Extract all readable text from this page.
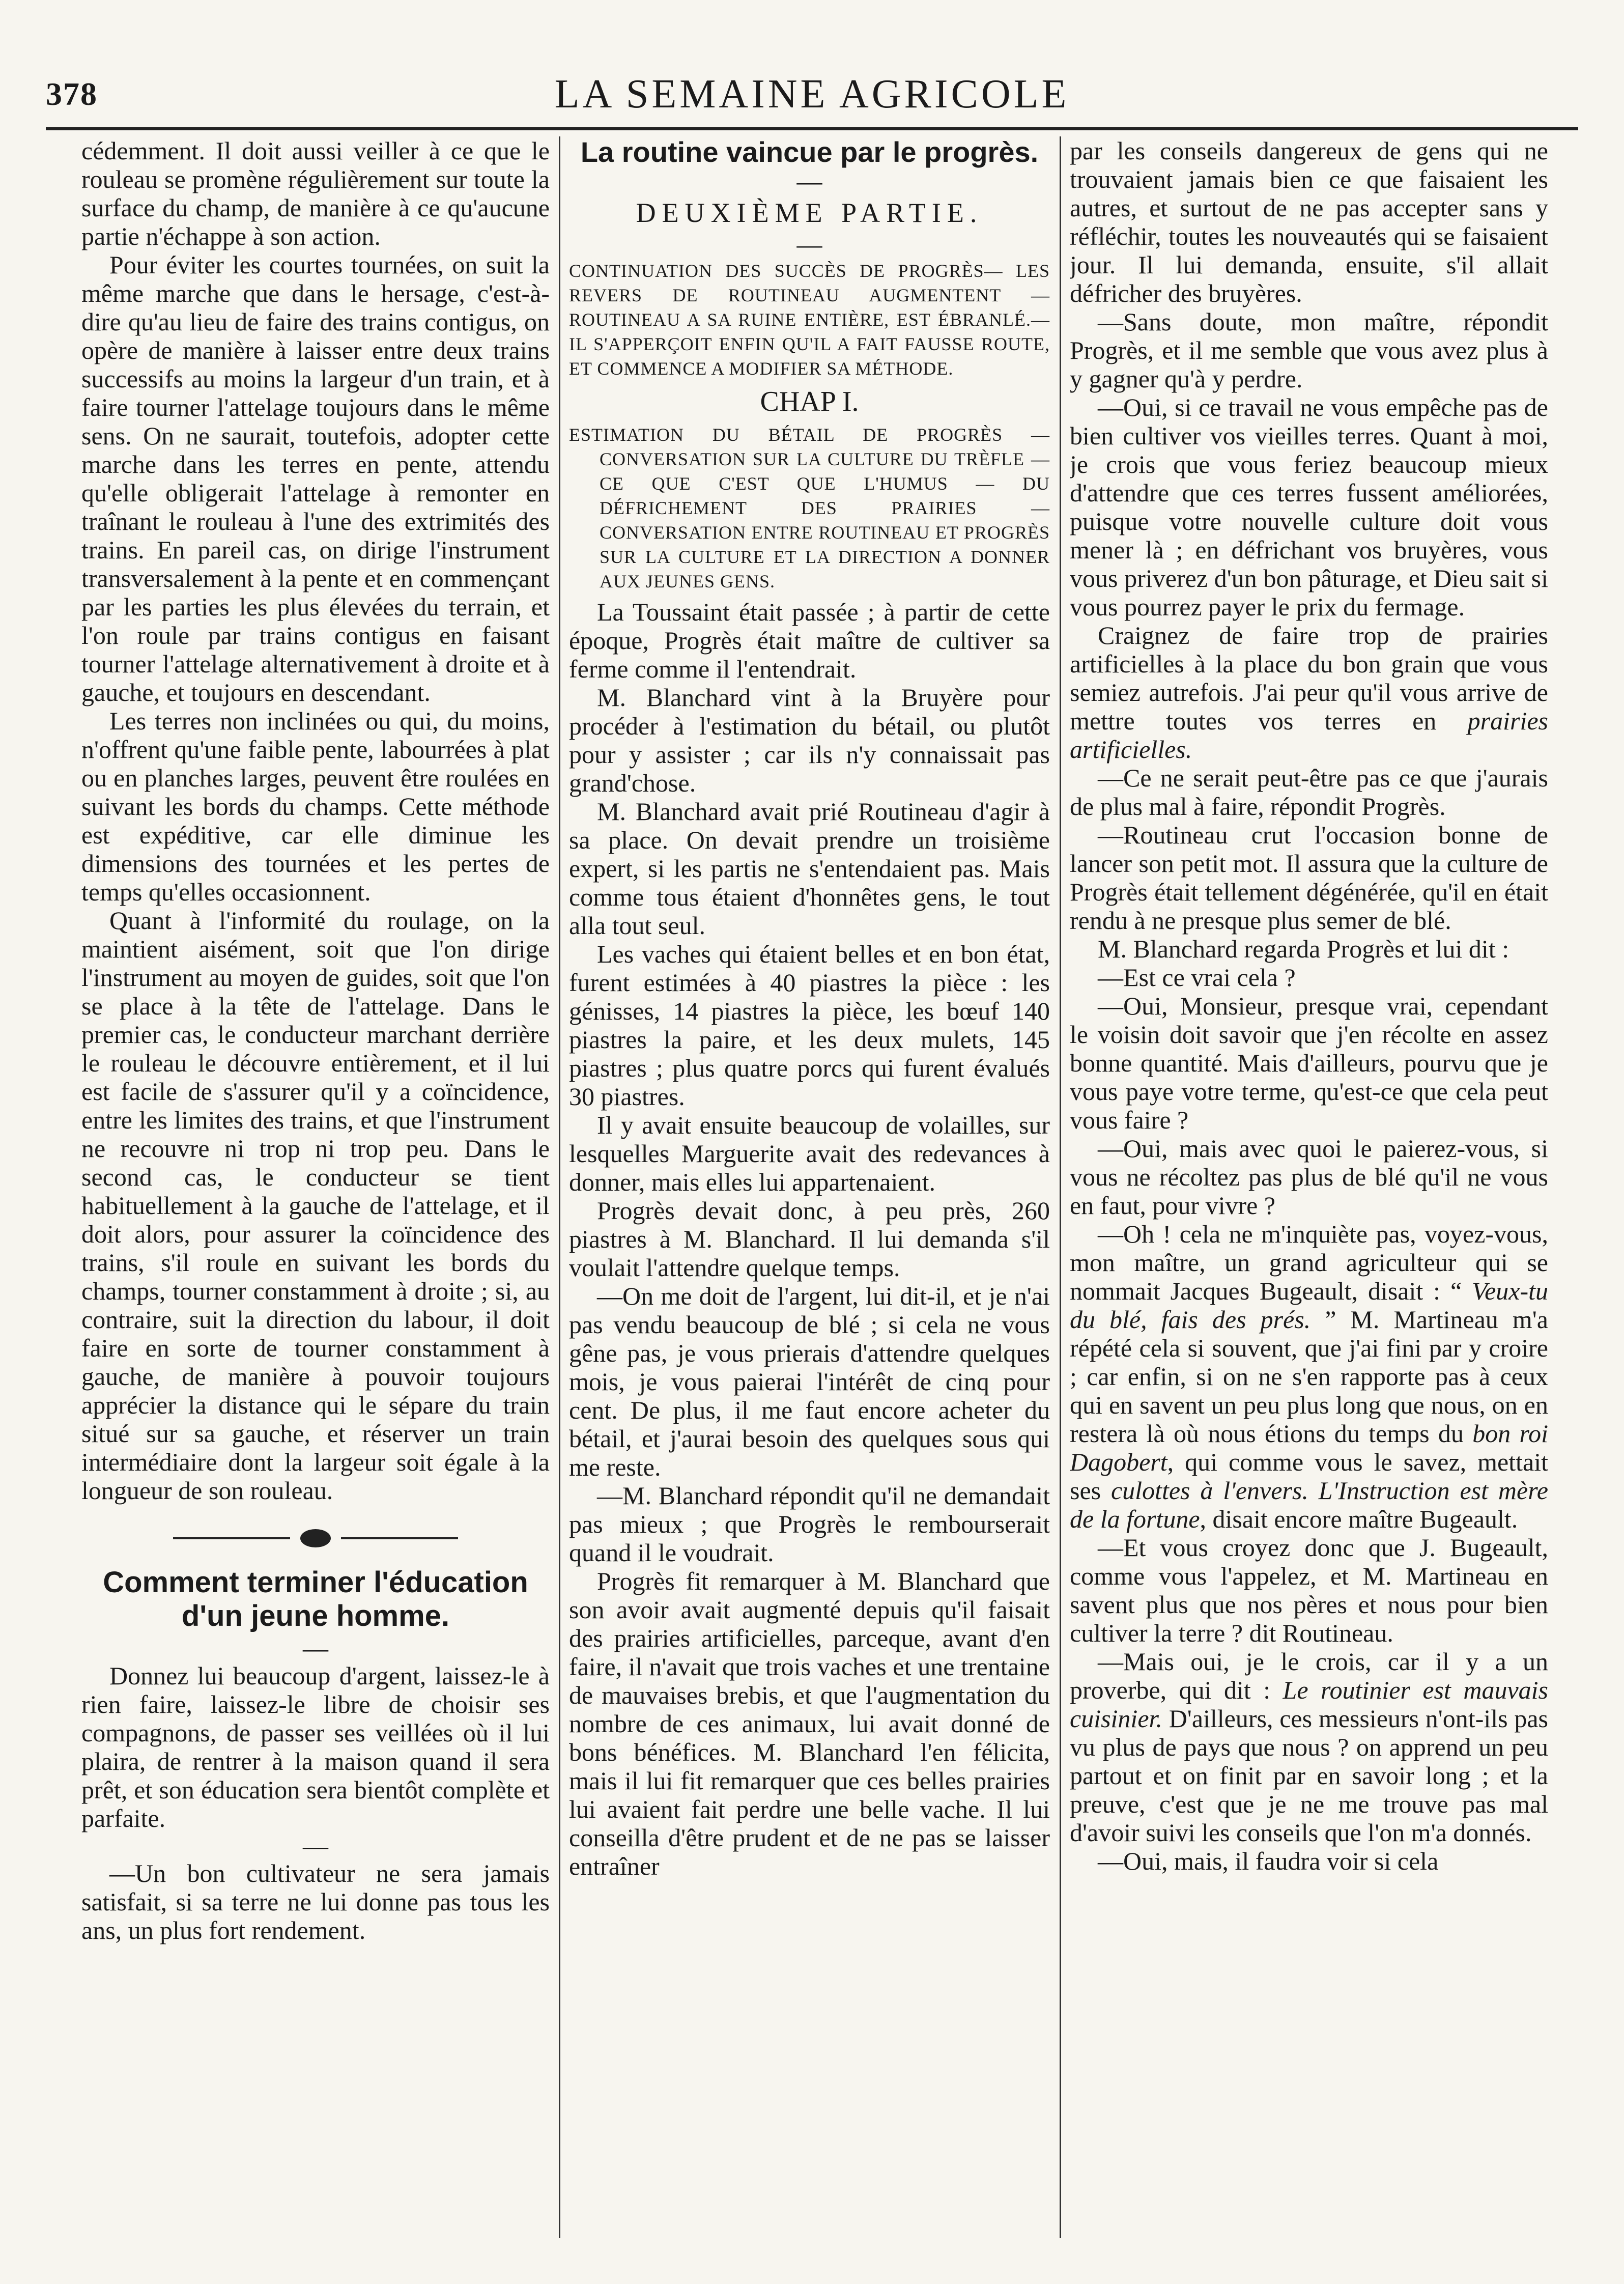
378	LA SEMAINE AGRICOLE

cédemment. Il doit aussi veiller à ce que le rouleau se promène régulièrement sur toute la surface du champ, de manière à ce qu'aucune partie n'échappe à son action.

Pour éviter les courtes tournées, on suit la même marche que dans le hersage, c'est-à-dire qu'au lieu de faire des trains contigus, on opère de manière à laisser entre deux trains successifs au moins la largeur d'un train, et à faire tourner l'attelage toujours dans le même sens. On ne saurait, toutefois, adopter cette marche dans les terres en pente, attendu qu'elle obligerait l'attelage à remonter en traînant le rouleau à l'une des extrimités des trains. En pareil cas, on dirige l'instrument transversalement à la pente et en commençant par les parties les plus élevées du terrain, et l'on roule par trains contigus en faisant tourner l'attelage alternativement à droite et à gauche, et toujours en descendant.

Les terres non inclinées ou qui, du moins, n'offrent qu'une faible pente, labourrées à plat ou en planches larges, peuvent être roulées en suivant les bords du champs. Cette méthode est expéditive, car elle diminue les dimensions des tournées et les pertes de temps qu'elles occasionnent.

Quant à l'informité du roulage, on la maintient aisément, soit que l'on dirige l'instrument au moyen de guides, soit que l'on se place à la tête de l'attelage. Dans le premier cas, le conducteur marchant derrière le rouleau le découvre entièrement, et il lui est facile de s'assurer qu'il y a coïncidence, entre les limites des trains, et que l'instrument ne recouvre ni trop ni trop peu. Dans le second cas, le conducteur se tient habituellement à la gauche de l'attelage, et il doit alors, pour assurer la coïncidence des trains, s'il roule en suivant les bords du champs, tourner constamment à droite ; si, au contraire, suit la direction du labour, il doit faire en sorte de tourner constamment à gauche, de manière à pouvoir toujours apprécier la distance qui le sépare du train situé sur sa gauche, et réserver un train intermédiaire dont la largeur soit égale à la longueur de son rouleau.

Comment terminer l'éducation d'un jeune homme.
—

Donnez lui beaucoup d'argent, laissez-le à rien faire, laissez-le libre de choisir ses compagnons, de passer ses veillées où il lui plaira, de rentrer à la maison quand il sera prêt, et son éducation sera bientôt complète et parfaite.

—

—Un bon cultivateur ne sera jamais satisfait, si sa terre ne lui donne pas tous les ans, un plus fort rendement.

La routine vaincue par le progrès.
—
DEUXIÈME PARTIE.
—
CONTINUATION DES SUCCÈS DE PROGRÈS— LES REVERS DE ROUTINEAU AUGMENTENT — ROUTINEAU A SA RUINE ENTIÈRE, EST ÉBRANLÉ.—IL S'APPERÇOIT ENFIN QU'IL A FAIT FAUSSE ROUTE, ET COMMENCE A MODIFIER SA MÉTHODE.
CHAP I.
ESTIMATION DU BÉTAIL DE PROGRÈS — CONVERSATION SUR LA CULTURE DU TRÈFLE — CE QUE C'EST QUE L'HUMUS — DU DÉFRICHEMENT DES PRAIRIES — CONVERSATION ENTRE ROUTINEAU ET PROGRÈS SUR LA CULTURE ET LA DIRECTION A DONNER AUX JEUNES GENS.

La Toussaint était passée ; à partir de cette époque, Progrès était maître de cultiver sa ferme comme il l'entendrait.

M. Blanchard vint à la Bruyère pour procéder à l'estimation du bétail, ou plutôt pour y assister ; car ils n'y connaissait pas grand'chose.

M. Blanchard avait prié Routineau d'agir à sa place. On devait prendre un troisième expert, si les partis ne s'entendaient pas. Mais comme tous étaient d'honnêtes gens, le tout alla tout seul.

Les vaches qui étaient belles et en bon état, furent estimées à 40 piastres la pièce : les génisses, 14 piastres la pièce, les bœuf 140 piastres la paire, et les deux mulets, 145 piastres ; plus quatre porcs qui furent évalués 30 piastres.

Il y avait ensuite beaucoup de volailles, sur lesquelles Marguerite avait des redevances à donner, mais elles lui appartenaient.

Progrès devait donc, à peu près, 260 piastres à M. Blanchard. Il lui demanda s'il voulait l'attendre quelque temps.

—On me doit de l'argent, lui dit-il, et je n'ai pas vendu beaucoup de blé ; si cela ne vous gêne pas, je vous prierais d'attendre quelques mois, je vous paierai l'intérêt de cinq pour cent. De plus, il me faut encore acheter du bétail, et j'aurai besoin des quelques sous qui me reste.

—M. Blanchard répondit qu'il ne demandait pas mieux ; que Progrès le rembourserait quand il le voudrait.

Progrès fit remarquer à M. Blanchard que son avoir avait augmenté depuis qu'il faisait des prairies artificielles, parceque, avant d'en faire, il n'avait que trois vaches et une trentaine de mauvaises brebis, et que l'augmentation du nombre de ces animaux, lui avait donné de bons bénéfices. M. Blanchard l'en félicita, mais il lui fit remarquer que ces belles prairies lui avaient fait perdre une belle vache. Il lui conseilla d'être prudent et de ne pas se laisser entraîner

par les conseils dangereux de gens qui ne trouvaient jamais bien ce que faisaient les autres, et surtout de ne pas accepter sans y réfléchir, toutes les nouveautés qui se faisaient jour. Il lui demanda, ensuite, s'il allait défricher des bruyères.

—Sans doute, mon maître, répondit Progrès, et il me semble que vous avez plus à y gagner qu'à y perdre.

—Oui, si ce travail ne vous empêche pas de bien cultiver vos vieilles terres. Quant à moi, je crois que vous feriez beaucoup mieux d'attendre que ces terres fussent améliorées, puisque votre nouvelle culture doit vous mener là ; en défrichant vos bruyères, vous vous priverez d'un bon pâturage, et Dieu sait si vous pourrez payer le prix du fermage.

Craignez de faire trop de prairies artificielles à la place du bon grain que vous semiez autrefois. J'ai peur qu'il vous arrive de mettre toutes vos terres en prairies artificielles.

—Ce ne serait peut-être pas ce que j'aurais de plus mal à faire, répondit Progrès.

—Routineau crut l'occasion bonne de lancer son petit mot. Il assura que la culture de Progrès était tellement dégénérée, qu'il en était rendu à ne presque plus semer de blé.

M. Blanchard regarda Progrès et lui dit :

—Est ce vrai cela ?

—Oui, Monsieur, presque vrai, cependant le voisin doit savoir que j'en récolte en assez bonne quantité. Mais d'ailleurs, pourvu que je vous paye votre terme, qu'est-ce que cela peut vous faire ?

—Oui, mais avec quoi le paierez-vous, si vous ne récoltez pas plus de blé qu'il ne vous en faut, pour vivre ?

—Oh ! cela ne m'inquiète pas, voyez-vous, mon maître, un grand agriculteur qui se nommait Jacques Bugeault, disait : “ Veux-tu du blé, fais des prés. ” M. Martineau m'a répété cela si souvent, que j'ai fini par y croire ; car enfin, si on ne s'en rapporte pas à ceux qui en savent un peu plus long que nous, on en restera là où nous étions du temps du bon roi Dagobert, qui comme vous le savez, mettait ses culottes à l'envers. L'Instruction est mère de la fortune, disait encore maître Bugeault.

—Et vous croyez donc que J. Bugeault, comme vous l'appelez, et M. Martineau en savent plus que nos pères et nous pour bien cultiver la terre ? dit Routineau.

—Mais oui, je le crois, car il y a un proverbe, qui dit : Le routinier est mauvais cuisinier. D'ailleurs, ces messieurs n'ont-ils pas vu plus de pays que nous ? on apprend un peu partout et on finit par en savoir long ; et la preuve, c'est que je ne me trouve pas mal d'avoir suivi les conseils que l'on m'a donnés.

—Oui, mais, il faudra voir si cela
